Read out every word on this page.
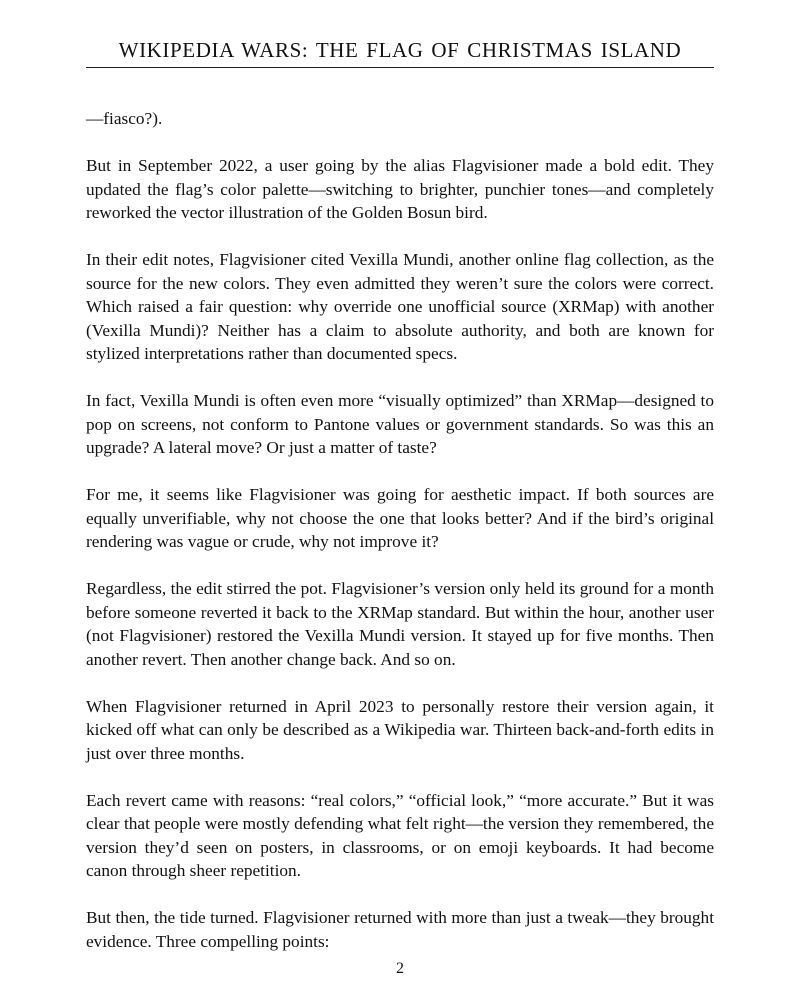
WIKIPEDIA WARS: THE FLAG OF CHRISTMAS ISLAND

—fiasco?).

But in September 2022, a user going by the alias Flagvisioner made a bold edit. They updated the flag’s color palette—switching to brighter, punchier tones—and completely reworked the vector illustration of the Golden Bosun bird.

In their edit notes, Flagvisioner cited Vexilla Mundi, another online flag collection, as the source for the new colors. They even admitted they weren’t sure the colors were correct. Which raised a fair question: why override one unofficial source (XRMap) with another (Vexilla Mundi)? Neither has a claim to absolute authority, and both are known for stylized interpretations rather than documented specs.

In fact, Vexilla Mundi is often even more “visually optimized” than XRMap—designed to pop on screens, not conform to Pantone values or government standards. So was this an upgrade? A lateral move? Or just a matter of taste?

For me, it seems like Flagvisioner was going for aesthetic impact. If both sources are equally unverifiable, why not choose the one that looks better? And if the bird’s original rendering was vague or crude, why not improve it?

Regardless, the edit stirred the pot. Flagvisioner’s version only held its ground for a month before someone reverted it back to the XRMap standard. But within the hour, another user (not Flagvisioner) restored the Vexilla Mundi version. It stayed up for five months. Then another revert. Then another change back. And so on.

When Flagvisioner returned in April 2023 to personally restore their version again, it kicked off what can only be described as a Wikipedia war. Thirteen back-and-forth edits in just over three months.

Each revert came with reasons: “real colors,” “official look,” “more accurate.” But it was clear that people were mostly defending what felt right—the version they remembered, the version they’d seen on posters, in classrooms, or on emoji keyboards. It had become canon through sheer repetition.

But then, the tide turned. Flagvisioner returned with more than just a tweak—they brought evidence. Three compelling points:

2
